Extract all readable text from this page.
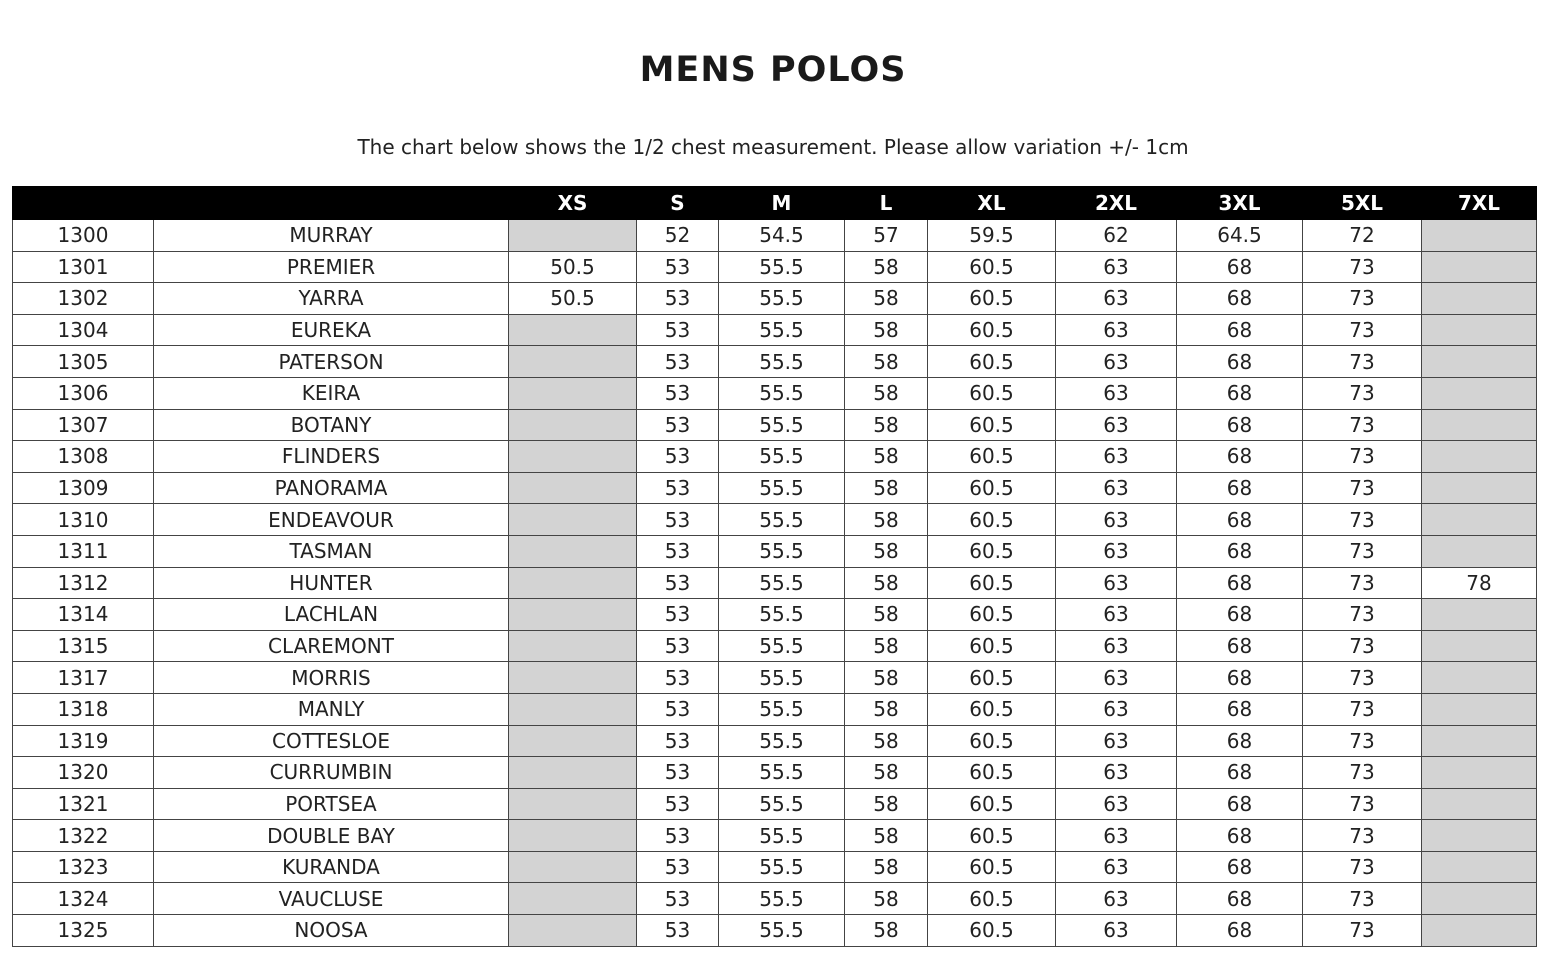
MENS POLOS
The chart below shows the 1/2 chest measurement. Please allow variation +/- 1cm
		XS	S	M	L	XL	2XL	3XL	5XL	7XL
1300	MURRAY		52	54.5	57	59.5	62	64.5	72	
1301	PREMIER	50.5	53	55.5	58	60.5	63	68	73	
1302	YARRA	50.5	53	55.5	58	60.5	63	68	73	
1304	EUREKA		53	55.5	58	60.5	63	68	73	
1305	PATERSON		53	55.5	58	60.5	63	68	73	
1306	KEIRA		53	55.5	58	60.5	63	68	73	
1307	BOTANY		53	55.5	58	60.5	63	68	73	
1308	FLINDERS		53	55.5	58	60.5	63	68	73	
1309	PANORAMA		53	55.5	58	60.5	63	68	73	
1310	ENDEAVOUR		53	55.5	58	60.5	63	68	73	
1311	TASMAN		53	55.5	58	60.5	63	68	73	
1312	HUNTER		53	55.5	58	60.5	63	68	73	78
1314	LACHLAN		53	55.5	58	60.5	63	68	73	
1315	CLAREMONT		53	55.5	58	60.5	63	68	73	
1317	MORRIS		53	55.5	58	60.5	63	68	73	
1318	MANLY		53	55.5	58	60.5	63	68	73	
1319	COTTESLOE		53	55.5	58	60.5	63	68	73	
1320	CURRUMBIN		53	55.5	58	60.5	63	68	73	
1321	PORTSEA		53	55.5	58	60.5	63	68	73	
1322	DOUBLE BAY		53	55.5	58	60.5	63	68	73	
1323	KURANDA		53	55.5	58	60.5	63	68	73	
1324	VAUCLUSE		53	55.5	58	60.5	63	68	73	
1325	NOOSA		53	55.5	58	60.5	63	68	73	
